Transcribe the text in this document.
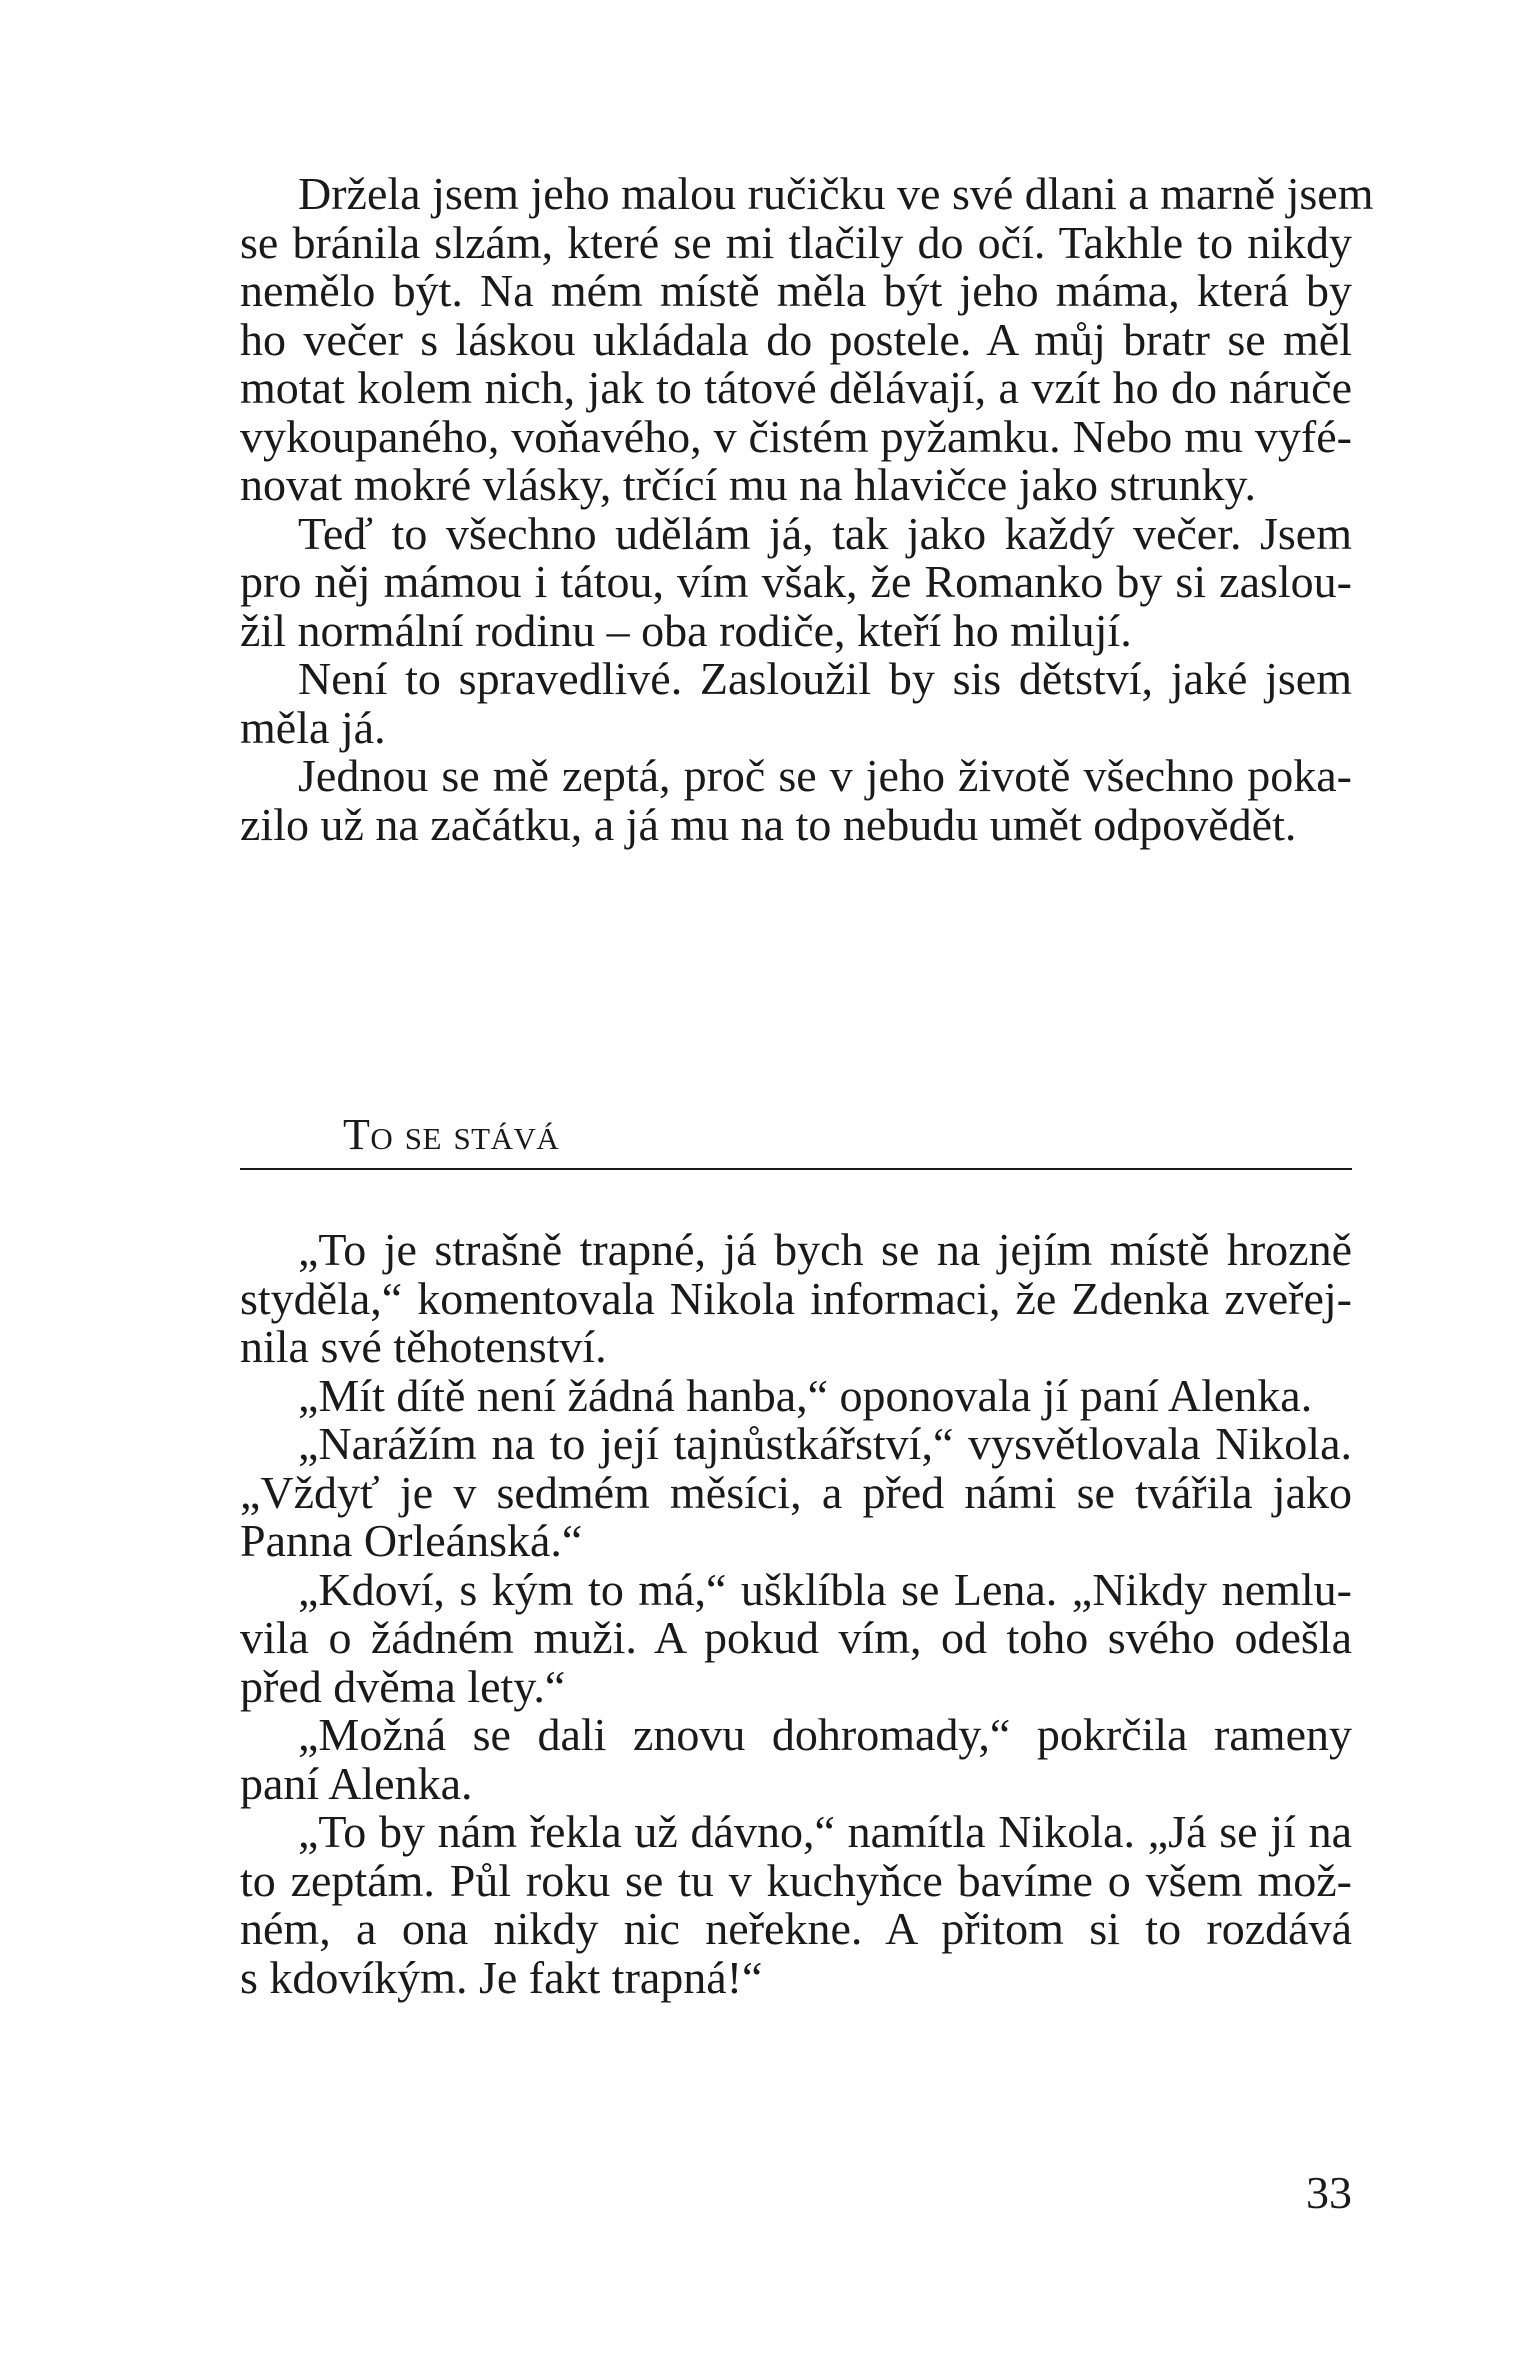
Držela jsem jeho malou ručičku ve své dlani a marně jsem
se bránila slzám, které se mi tlačily do očí. Takhle to nikdy
nemělo být. Na mém místě měla být jeho máma, která by
ho večer s láskou ukládala do postele. A můj bratr se měl
motat kolem nich, jak to tátové dělávají, a vzít ho do náruče
vykoupaného, voňavého, v čistém pyžamku. Nebo mu vyfé-
novat mokré vlásky, trčící mu na hlavičce jako strunky.
Teď to všechno udělám já, tak jako každý večer. Jsem
pro něj mámou i tátou, vím však, že Romanko by si zaslou-
žil normální rodinu – oba rodiče, kteří ho milují.
Není to spravedlivé. Zasloužil by sis dětství, jaké jsem
měla já.
Jednou se mě zeptá, proč se v jeho životě všechno poka-
zilo už na začátku, a já mu na to nebudu umět odpovědět.
To se stává
„To je strašně trapné, já bych se na jejím místě hrozně
styděla,“ komentovala Nikola informaci, že Zdenka zveřej-
nila své těhotenství.
„Mít dítě není žádná hanba,“ oponovala jí paní Alenka.
„Narážím na to její tajnůstkářství,“ vysvětlovala Nikola.
„Vždyť je v sedmém měsíci, a před námi se tvářila jako
Panna Orleánská.“
„Kdoví, s kým to má,“ ušklíbla se Lena. „Nikdy nemlu-
vila o žádném muži. A pokud vím, od toho svého odešla
před dvěma lety.“
„Možná se dali znovu dohromady,“ pokrčila rameny
paní Alenka.
„To by nám řekla už dávno,“ namítla Nikola. „Já se jí na
to zeptám. Půl roku se tu v kuchyňce bavíme o všem mož-
ném, a ona nikdy nic neřekne. A přitom si to rozdává
s kdovíkým. Je fakt trapná!“
33
